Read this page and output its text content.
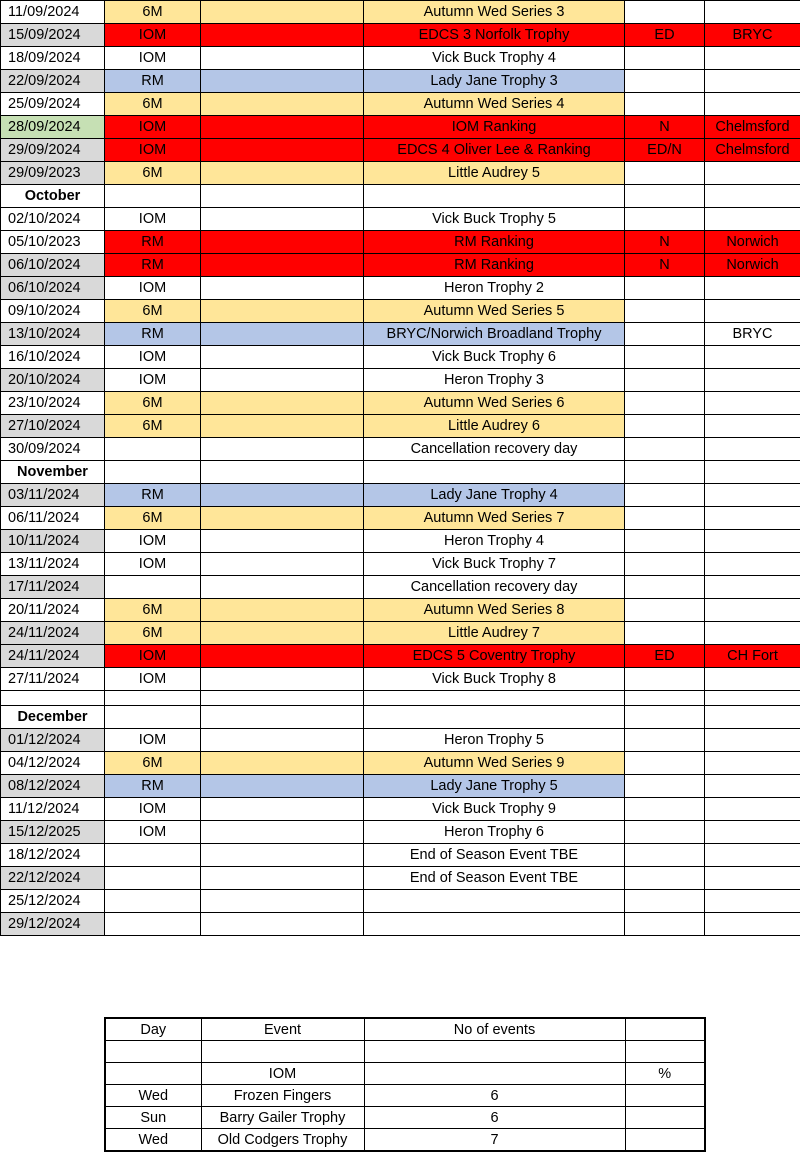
11/09/2024	6M		Autumn Wed Series 3		
15/09/2024	IOM		EDCS 3 Norfolk Trophy	ED	BRYC
18/09/2024	IOM		Vick Buck Trophy 4		
22/09/2024	RM		Lady Jane Trophy 3		
25/09/2024	6M		Autumn Wed Series 4		
28/09/2024	IOM		IOM Ranking	N	Chelmsford
29/09/2024	IOM		EDCS 4 Oliver Lee & Ranking	ED/N	Chelmsford
29/09/2023	6M		Little Audrey 5		
October					
02/10/2024	IOM		Vick Buck Trophy 5		
05/10/2023	RM		RM Ranking	N	Norwich
06/10/2024	RM		RM Ranking	N	Norwich
06/10/2024	IOM		Heron Trophy 2		
09/10/2024	6M		Autumn Wed Series 5		
13/10/2024	RM		BRYC/Norwich Broadland Trophy		BRYC
16/10/2024	IOM		Vick Buck Trophy 6		
20/10/2024	IOM		Heron Trophy 3		
23/10/2024	6M		Autumn Wed Series 6		
27/10/2024	6M		Little Audrey 6		
30/09/2024			Cancellation recovery day		
November					
03/11/2024	RM		Lady Jane Trophy 4		
06/11/2024	6M		Autumn Wed Series 7		
10/11/2024	IOM		Heron Trophy 4		
13/11/2024	IOM		Vick Buck Trophy 7		
17/11/2024			Cancellation recovery day		
20/11/2024	6M		Autumn Wed Series 8		
24/11/2024	6M		Little Audrey 7		
24/11/2024	IOM		EDCS 5 Coventry Trophy	ED	CH Fort
27/11/2024	IOM		Vick Buck Trophy 8		

December					
01/12/2024	IOM		Heron Trophy 5		
04/12/2024	6M		Autumn Wed Series 9		
08/12/2024	RM		Lady Jane Trophy 5		
11/12/2024	IOM		Vick Buck Trophy 9		
15/12/2025	IOM		Heron Trophy 6		
18/12/2024			End of Season Event TBE		
22/12/2024			End of Season Event TBE		
25/12/2024					
29/12/2024					
Day	Event	No of events	

	IOM		%
Wed	Frozen Fingers	6	
Sun	Barry Gailer Trophy	6	
Wed	Old Codgers Trophy	7	
